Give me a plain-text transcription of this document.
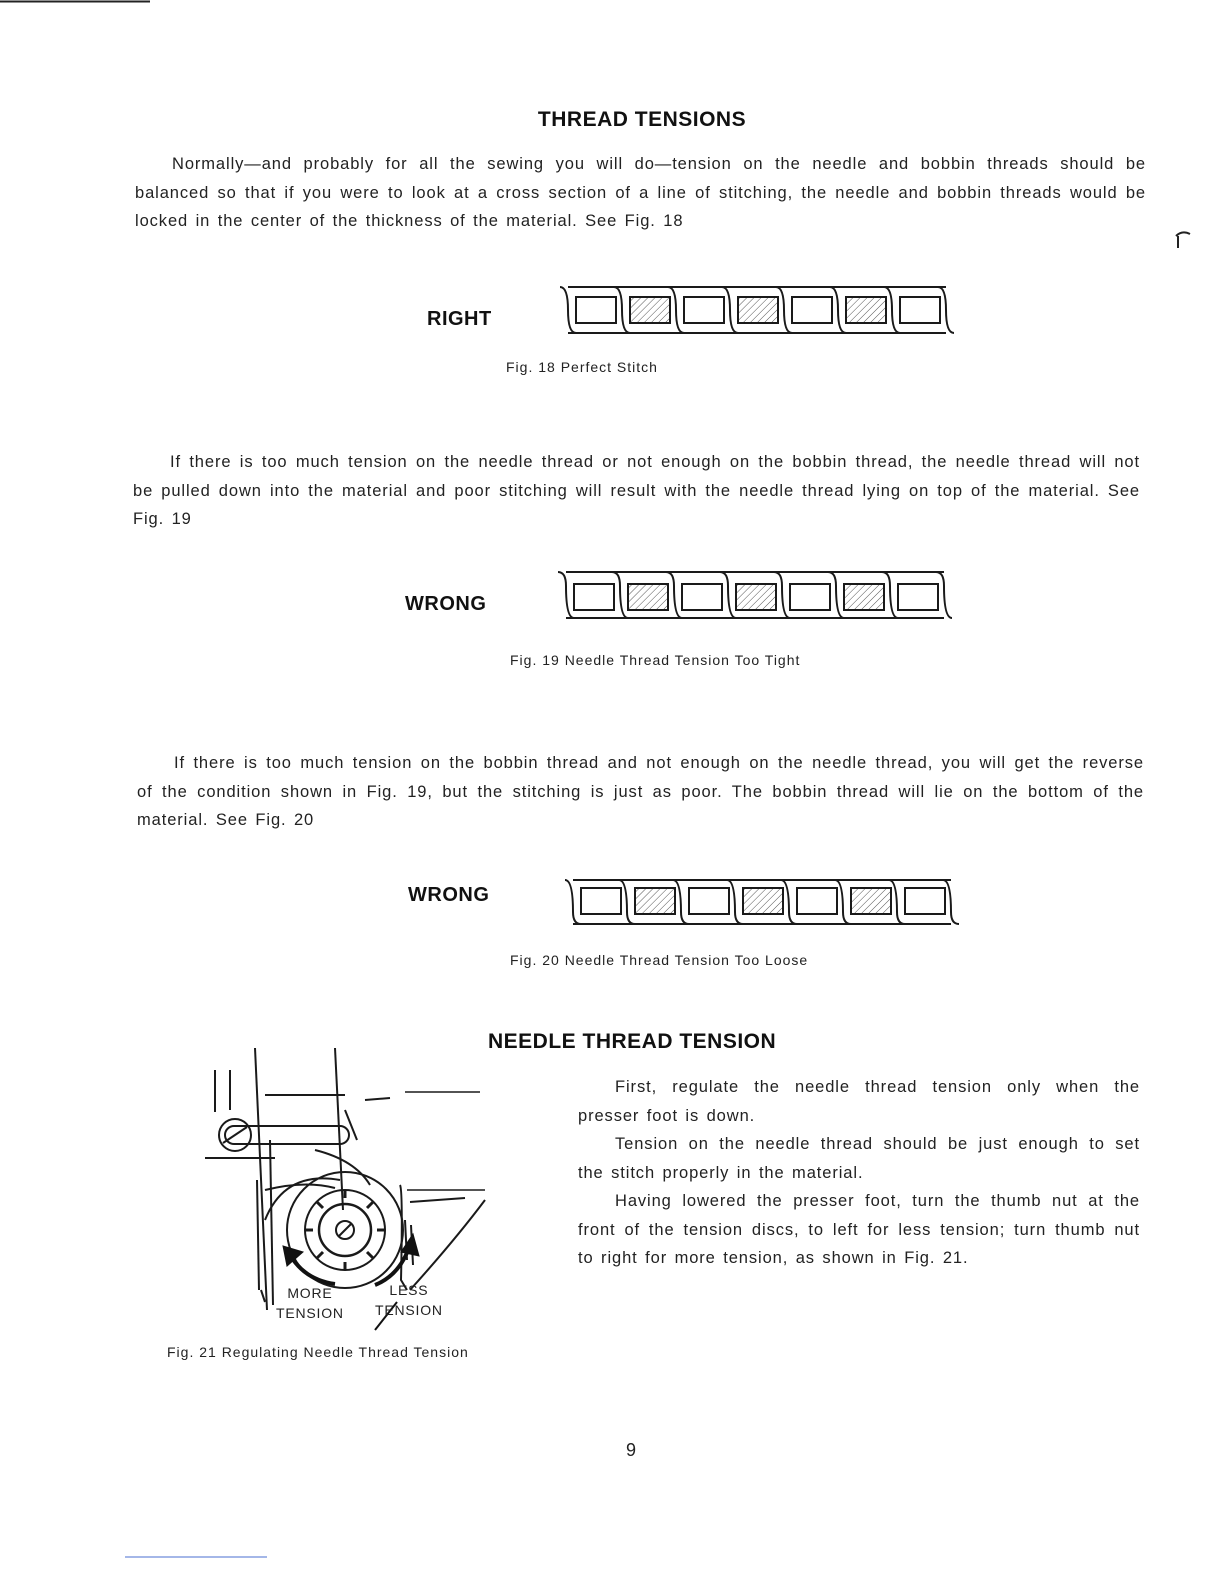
THREAD TENSIONS

Normally—and probably for all the sewing you will do—tension on the needle and bobbin threads should be balanced so that if you were to look at a cross section of a line of stitching, the needle and bobbin threads would be locked in the center of the thickness of the material. See Fig. 18

RIGHT
Fig. 18 Perfect Stitch

If there is too much tension on the needle thread or not enough on the bobbin thread, the needle thread will not be pulled down into the material and poor stitching will result with the needle thread lying on top of the material. See Fig. 19

WRONG
Fig. 19 Needle Thread Tension Too Tight

If there is too much tension on the bobbin thread and not enough on the needle thread, you will get the reverse of the condition shown in Fig. 19, but the stitching is just as poor. The bobbin thread will lie on the bottom of the material. See Fig. 20

WRONG
Fig. 20 Needle Thread Tension Too Loose
NEEDLE THREAD TENSION

First, regulate the needle thread tension only when the presser foot is down.

Tension on the needle thread should be just enough to set the stitch properly in the material.

Having lowered the presser foot, turn the thumb nut at the front of the tension discs, to left for less tension; turn thumb nut to right for more tension, as shown in Fig. 21.

MORE
TENSION
LESS
TENSION
Fig. 21 Regulating Needle Thread Tension
9
